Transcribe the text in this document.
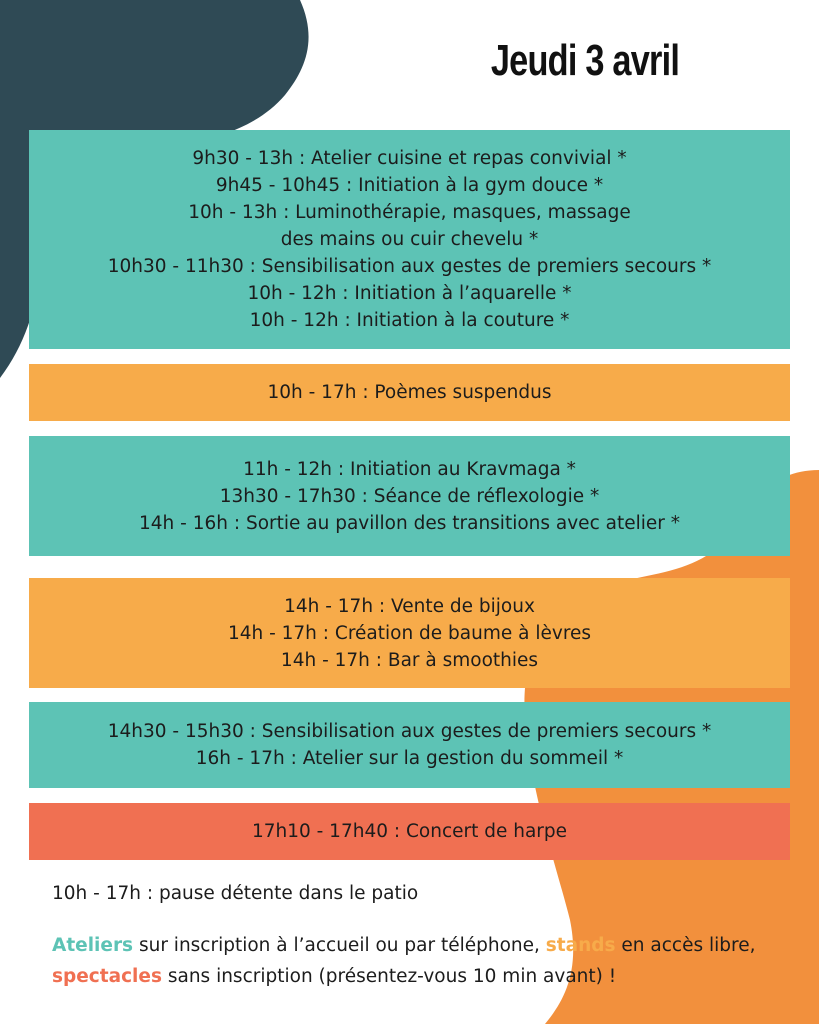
Jeudi 3 avril
9h30 - 13h : Atelier cuisine et repas convivial *
9h45 - 10h45 : Initiation à la gym douce *
10h - 13h : Luminothérapie, masques, massage
des mains ou cuir chevelu *
10h30 - 11h30 : Sensibilisation aux gestes de premiers secours *
10h - 12h : Initiation à l’aquarelle *
10h - 12h : Initiation à la couture *
10h - 17h : Poèmes suspendus
11h - 12h : Initiation au Kravmaga *
13h30 - 17h30 : Séance de réflexologie *
14h - 16h : Sortie au pavillon des transitions avec atelier *
14h - 17h : Vente de bijoux
14h - 17h : Création de baume à lèvres
14h - 17h : Bar à smoothies
14h30 - 15h30 : Sensibilisation aux gestes de premiers secours *
16h - 17h : Atelier sur la gestion du sommeil *
17h10 - 17h40 : Concert de harpe
10h - 17h : pause détente dans le patio
Ateliers sur inscription à l’accueil ou par téléphone, stands en accès libre, spectacles sans inscription (présentez-vous 10 min avant) !
